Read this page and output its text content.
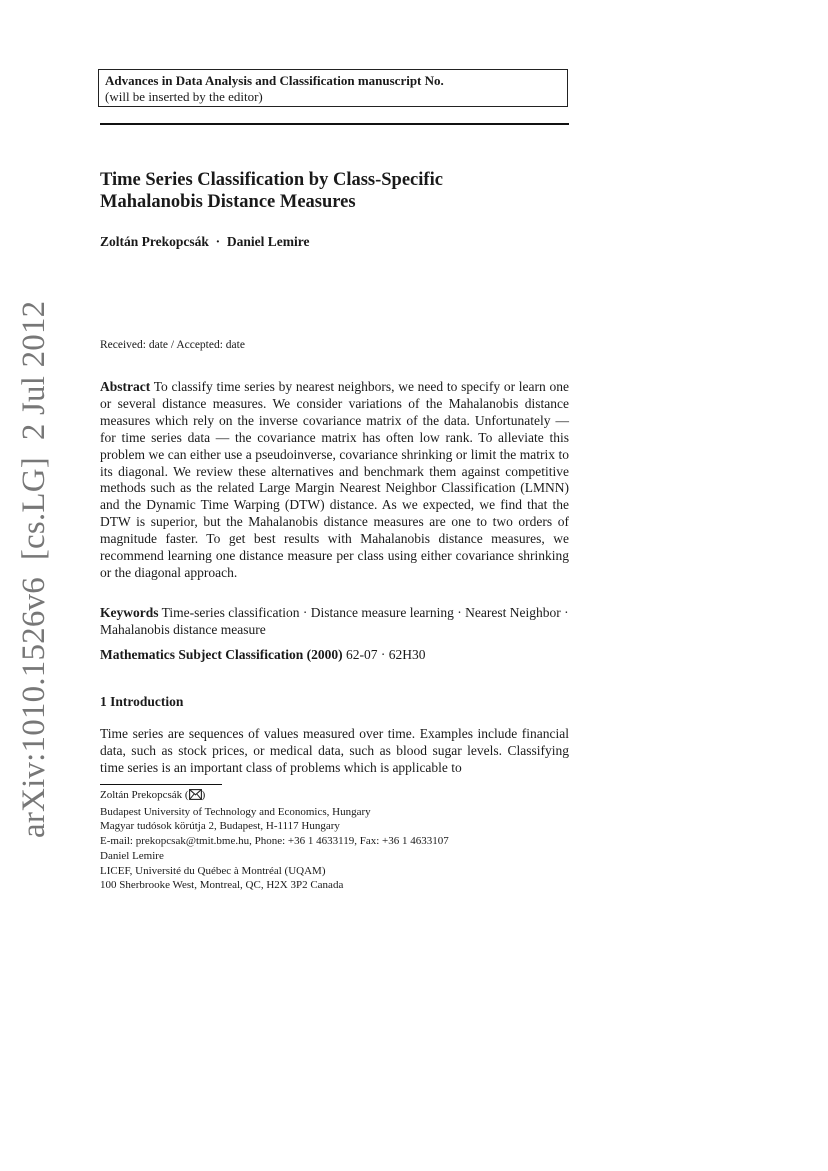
Advances in Data Analysis and Classification manuscript No.
(will be inserted by the editor)
Time Series Classification by Class-Specific
Mahalanobis Distance Measures
Zoltán Prekopcsák  ·  Daniel Lemire
Received: date / Accepted: date
arXiv:1010.1526v6  [cs.LG]  2 Jul 2012	Abstract To classify time series by nearest neighbors, we need to specify or learn one or several distance measures. We consider variations of the Mahalanobis distance measures which rely on the inverse covariance matrix of the data. Unfortunately — for time series data — the covariance matrix has often low rank. To alleviate this problem we can either use a pseudoinverse, covariance shrinking or limit the matrix to its diagonal. We review these alternatives and benchmark them against competitive methods such as the related Large Margin Nearest Neighbor Classification (LMNN) and the Dynamic Time Warping (DTW) distance. As we expected, we find that the DTW is superior, but the Mahalanobis distance measures are one to two orders of magnitude faster. To get best results with Mahalanobis distance measures, we recommend learning one distance measure per class using either covariance shrinking or the diagonal approach.

Keywords Time-series classification · Distance measure learning · Nearest Neighbor · Mahalanobis distance measure

Mathematics Subject Classification (2000) 62-07 · 62H30

1 Introduction

Time series are sequences of values measured over time. Examples include financial data, such as stock prices, or medical data, such as blood sugar levels. Classifying time series is an important class of problems which is applicable to

Zoltán Prekopcsák ( )
Budapest University of Technology and Economics, Hungary
Magyar tudósok körútja 2, Budapest, H-1117 Hungary
E-mail: prekopcsak@tmit.bme.hu, Phone: +36 1 4633119, Fax: +36 1 4633107
Daniel Lemire
LICEF, Université du Québec à Montréal (UQAM)
100 Sherbrooke West, Montreal, QC, H2X 3P2 Canada
